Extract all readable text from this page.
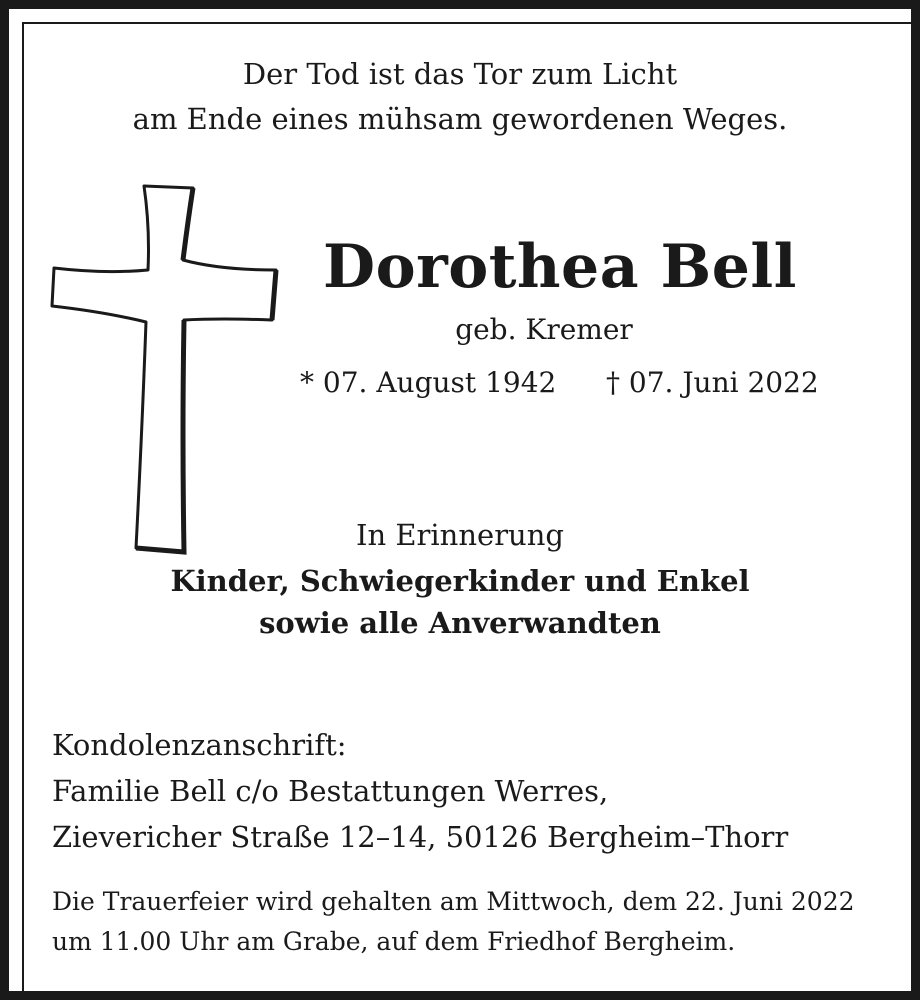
Der Tod ist das Tor zum Licht
am Ende eines mühsam gewordenen Weges.
Dorothea Bell
geb. Kremer
* 07. August 1942 † 07. Juni 2022
In Erinnerung
Kinder, Schwiegerkinder und Enkel
sowie alle Anverwandten
Kondolenzanschrift:
Familie Bell c/o Bestattungen Werres,
Zievericher Straße 12–14, 50126 Bergheim–Thorr
Die Trauerfeier wird gehalten am Mittwoch, dem 22. Juni 2022
um 11.00 Uhr am Grabe, auf dem Friedhof Bergheim.
